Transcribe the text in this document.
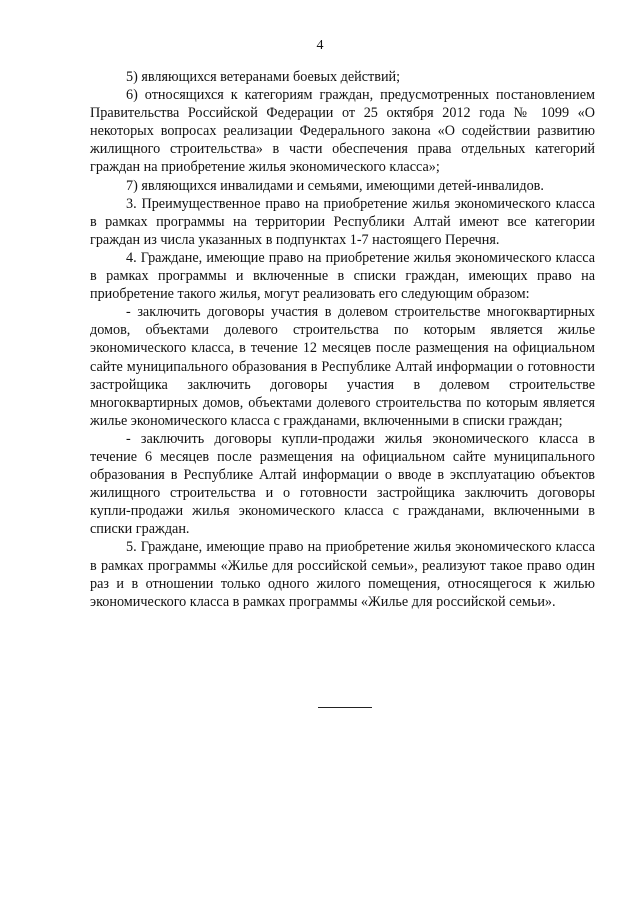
4

5) являющихся ветеранами боевых действий;

6) относящихся к категориям граждан, предусмотренных постановлением Правительства Российской Федерации от 25 октября 2012 года № 1099 «О некоторых вопросах реализации Федерального закона «О содействии развитию жилищного строительства» в части обеспечения права отдельных категорий граждан на приобретение жилья экономического класса»;

7) являющихся инвалидами и семьями, имеющими детей-инвалидов.

3. Преимущественное право на приобретение жилья экономического класса в рамках программы на территории Республики Алтай имеют все категории граждан из числа указанных в подпунктах 1-7 настоящего Перечня.

4. Граждане, имеющие право на приобретение жилья экономического класса в рамках программы и включенные в списки граждан, имеющих право на приобретение такого жилья, могут реализовать его следующим образом:

- заключить договоры участия в долевом строительстве многоквартирных домов, объектами долевого строительства по которым является жилье экономического класса, в течение 12 месяцев после размещения на официальном сайте муниципального образования в Республике Алтай информации о готовности застройщика заключить договоры участия в долевом строительстве многоквартирных домов, объектами долевого строительства по которым является жилье экономического класса с гражданами, включенными в списки граждан;

- заключить договоры купли-продажи жилья экономического класса в течение 6 месяцев после размещения на официальном сайте муниципального образования в Республике Алтай информации о вводе в эксплуатацию объектов жилищного строительства и о готовности застройщика заключить договоры купли-продажи жилья экономического класса с гражданами, включенными в списки граждан.

5. Граждане, имеющие право на приобретение жилья экономического класса в рамках программы «Жилье для российской семьи», реализуют такое право один раз и в отношении только одного жилого помещения, относящегося к жилью экономического класса в рамках программы «Жилье для российской семьи».
